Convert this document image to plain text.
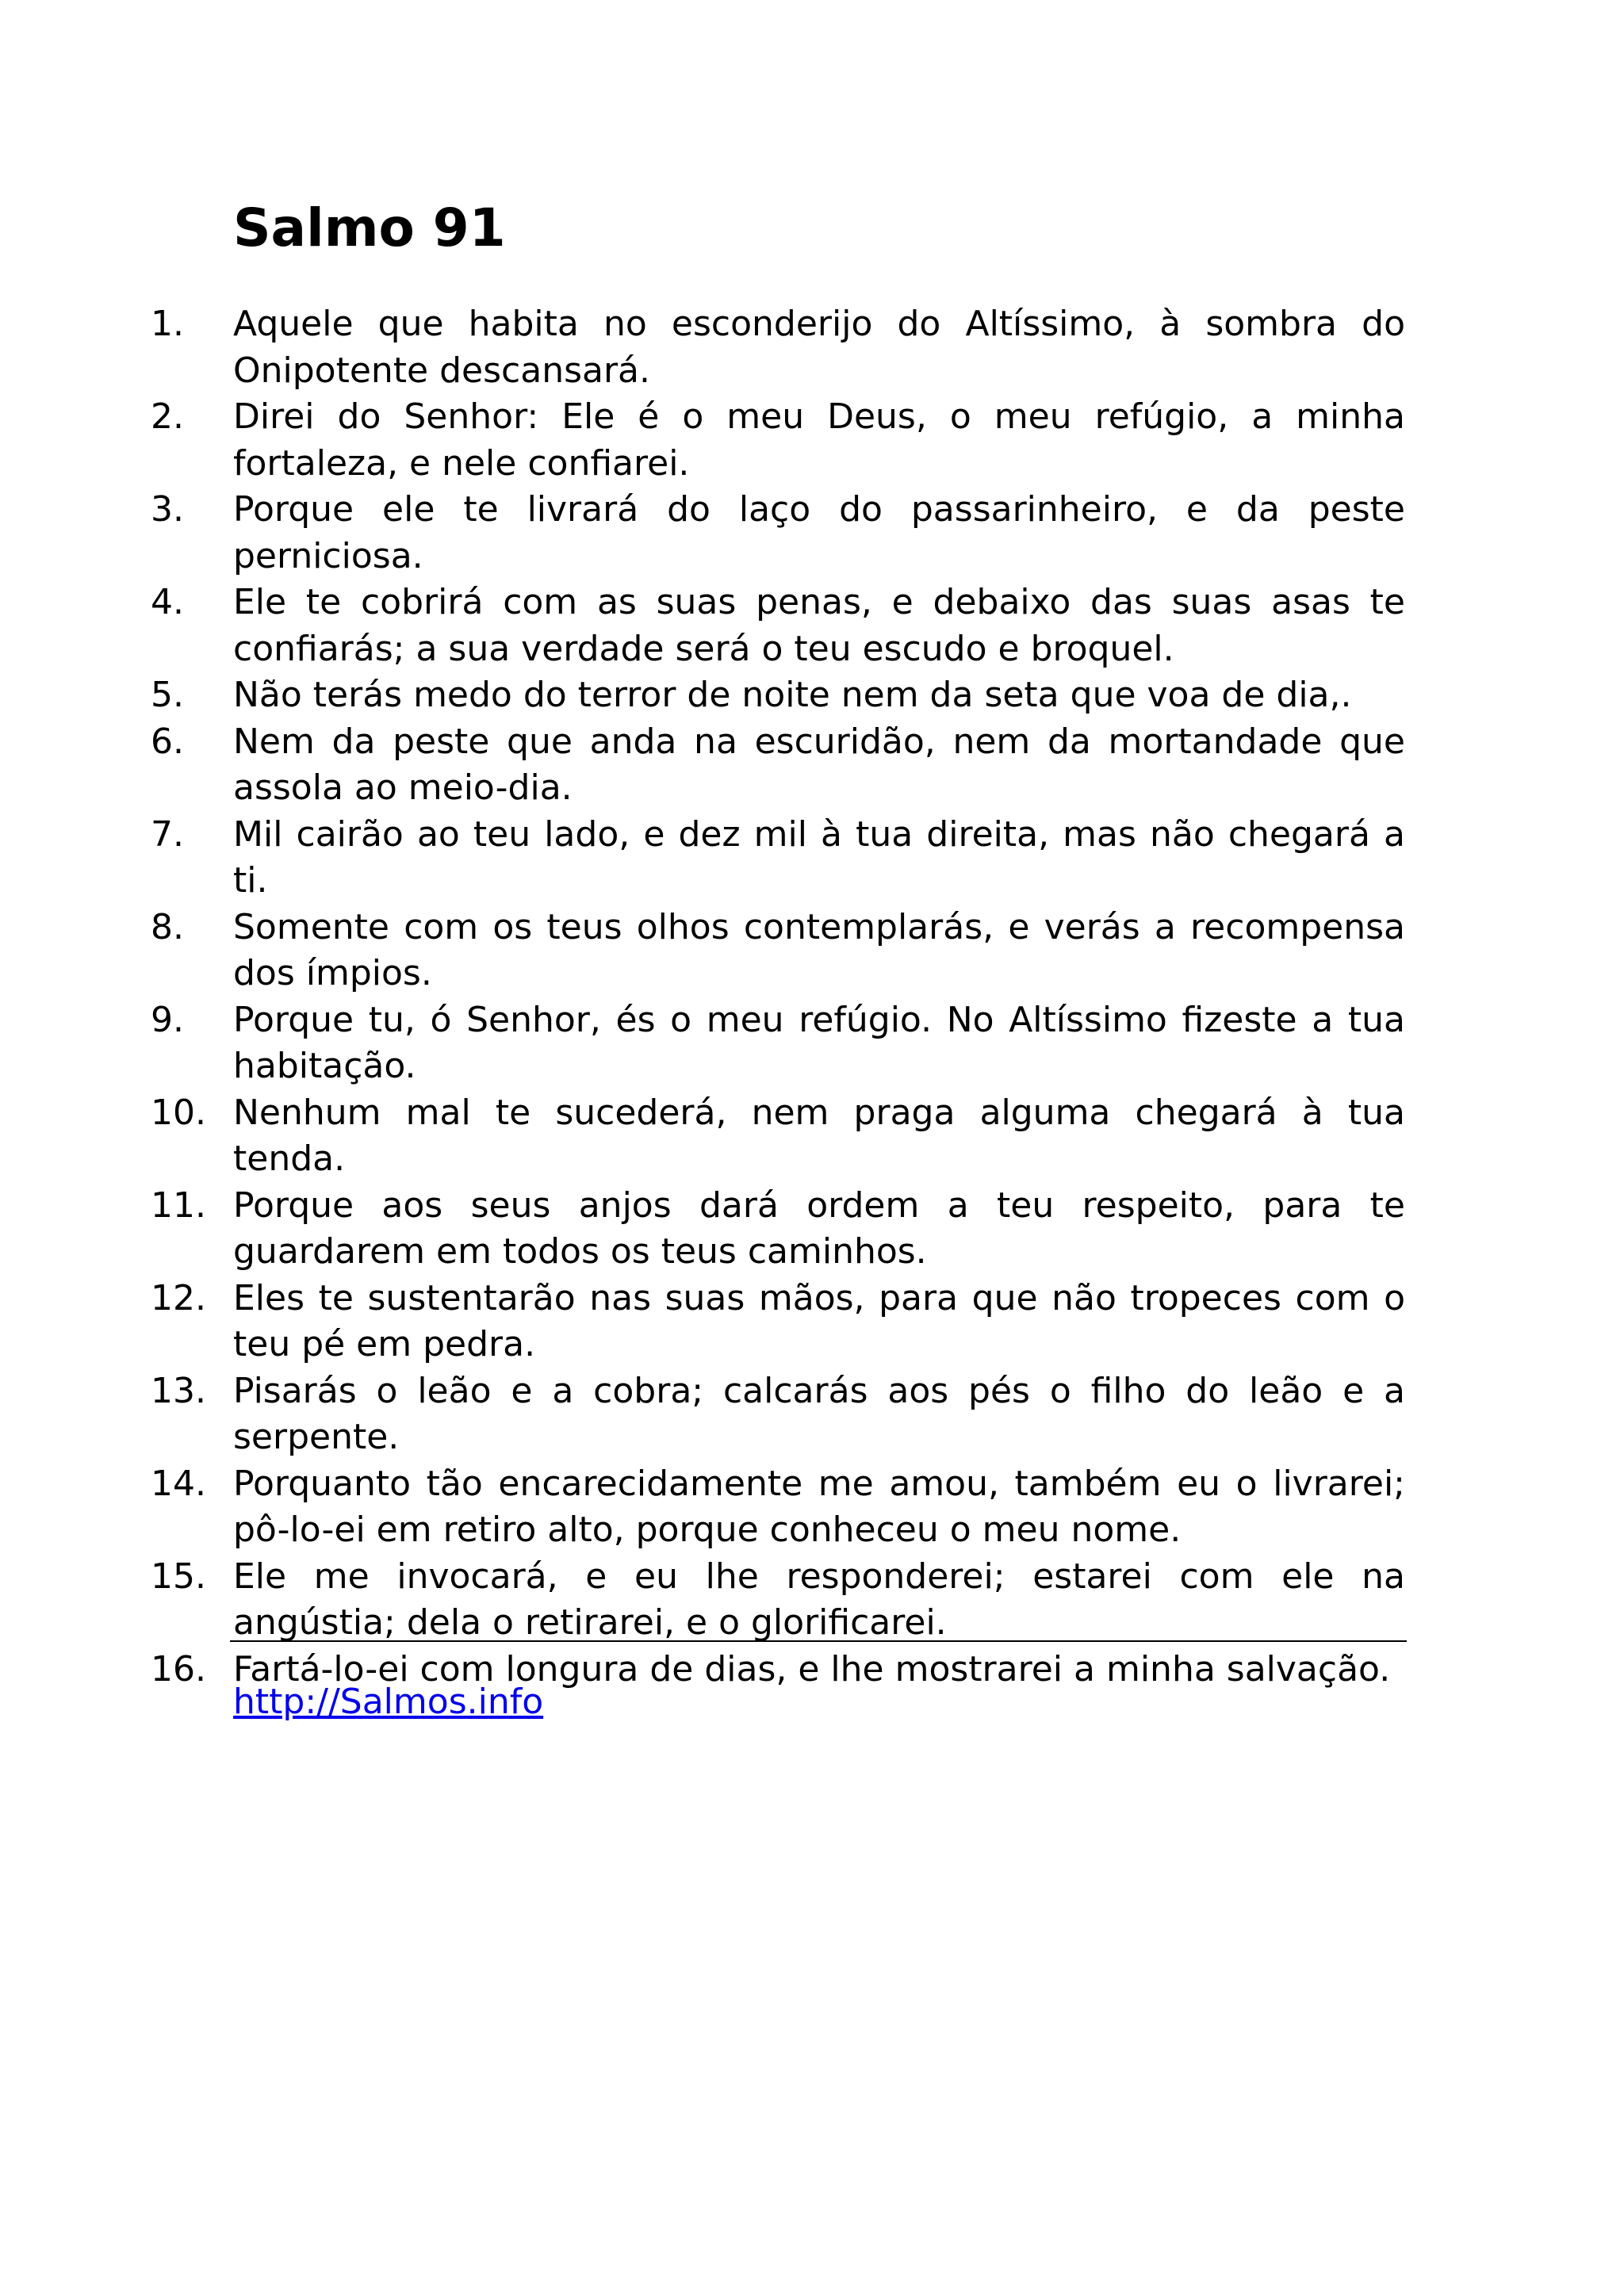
Salmo 91
1. Aquele que habita no esconderijo do Altíssimo, à sombra do Onipotente descansará.
2. Direi do Senhor: Ele é o meu Deus, o meu refúgio, a minha fortaleza, e nele confiarei.
3. Porque ele te livrará do laço do passarinheiro, e da peste perniciosa.
4. Ele te cobrirá com as suas penas, e debaixo das suas asas te confiarás; a sua verdade será o teu escudo e broquel.
5. Não terás medo do terror de noite nem da seta que voa de dia,.
6. Nem da peste que anda na escuridão, nem da mortandade que assola ao meio-dia.
7. Mil cairão ao teu lado, e dez mil à tua direita, mas não chegará a ti.
8. Somente com os teus olhos contemplarás, e verás a recompensa dos ímpios.
9. Porque tu, ó Senhor, és o meu refúgio. No Altíssimo fizeste a tua habitação.
10. Nenhum mal te sucederá, nem praga alguma chegará à tua tenda.
11. Porque aos seus anjos dará ordem a teu respeito, para te guardarem em todos os teus caminhos.
12. Eles te sustentarão nas suas mãos, para que não tropeces com o teu pé em pedra.
13. Pisarás o leão e a cobra; calcarás aos pés o filho do leão e a serpente.
14. Porquanto tão encarecidamente me amou, também eu o livrarei; pô-lo-ei em retiro alto, porque conheceu o meu nome.
15. Ele me invocará, e eu lhe responderei; estarei com ele na angústia; dela o retirarei, e o glorificarei.
16. Fartá-lo-ei com longura de dias, e lhe mostrarei a minha salvação.
http://Salmos.info
